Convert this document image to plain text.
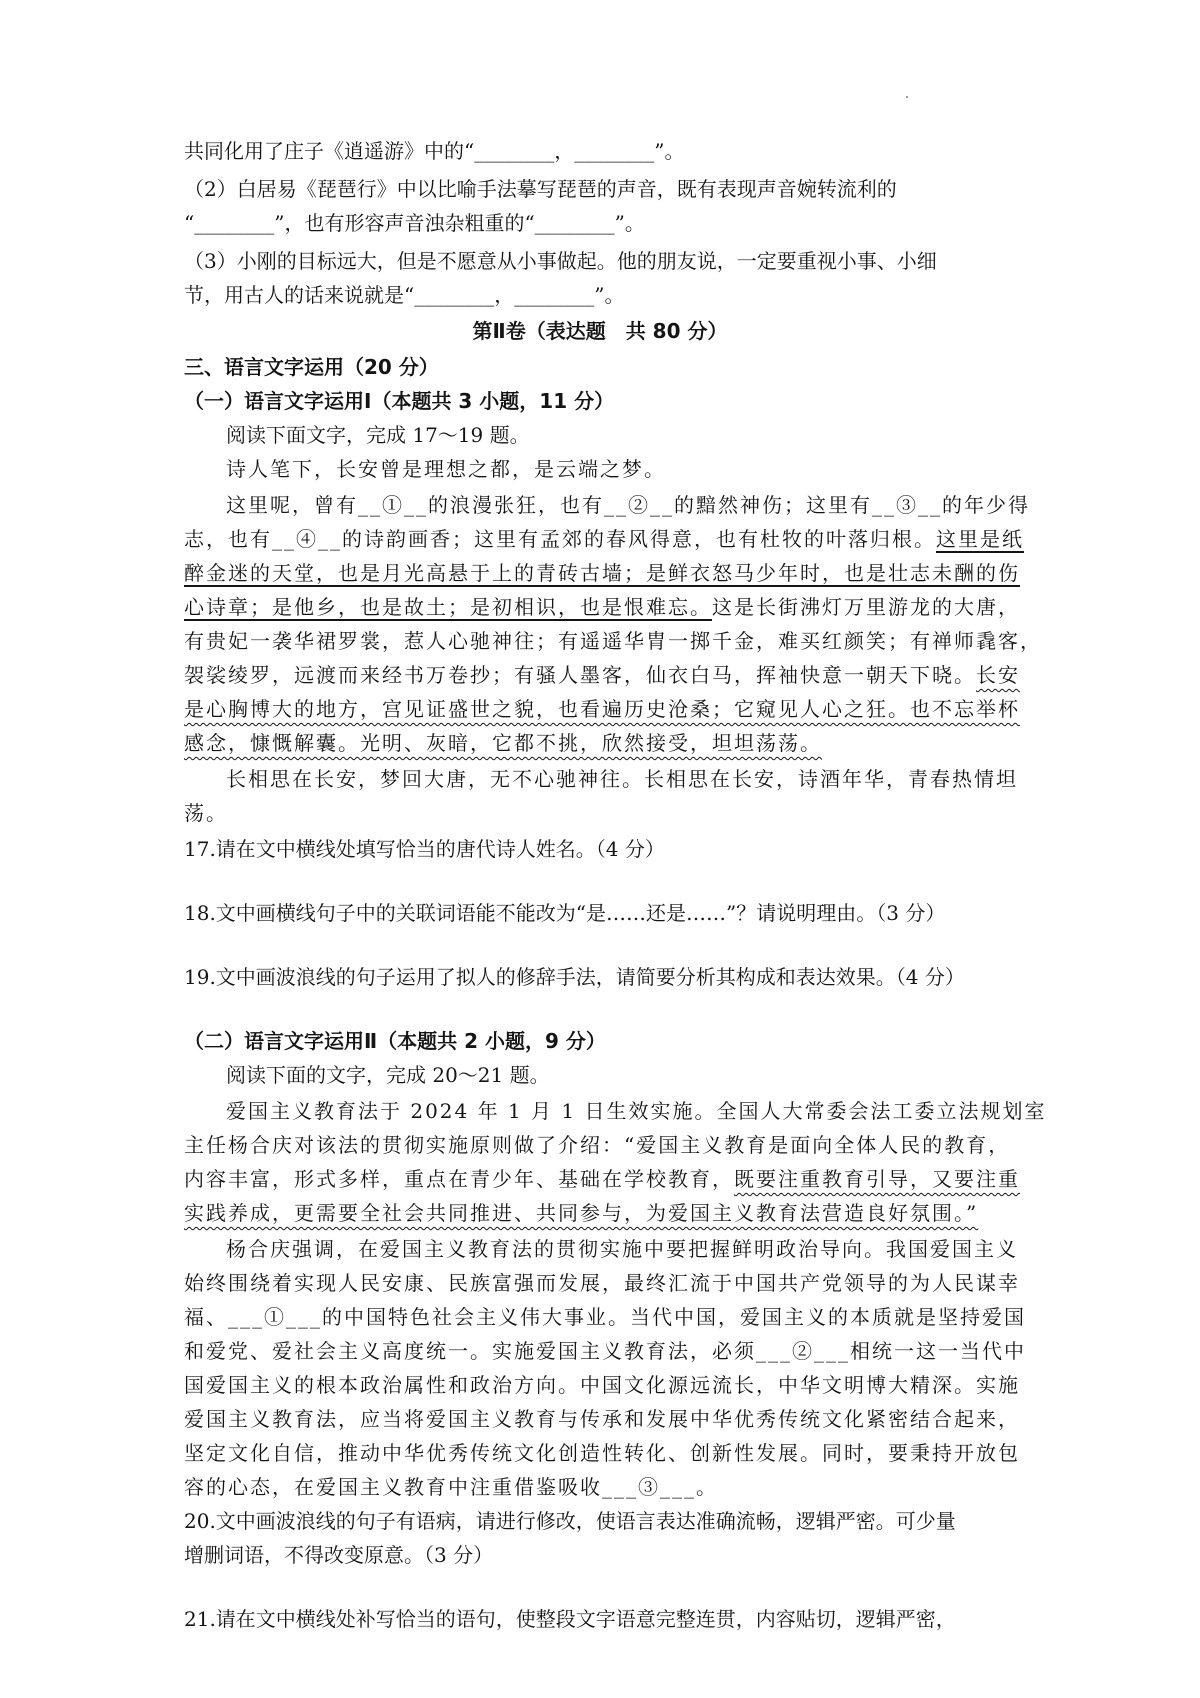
共同化用了庄子《逍遥游》中的“________，________”。
（2）白居易《琵琶行》中以比喻手法摹写琵琶的声音，既有表现声音婉转流利的
“________”，也有形容声音浊杂粗重的“________”。
（3）小刚的目标远大，但是不愿意从小事做起。他的朋友说，一定要重视小事、小细
节，用古人的话来说就是“________，________”。
第Ⅱ卷（表达题　共 80 分）
三、语言文字运用（20 分）
（一）语言文字运用Ⅰ（本题共 3 小题，11 分）
阅读下面文字，完成 17～19 题。
诗人笔下，长安曾是理想之都，是云端之梦。
这里呢，曾有__①__的浪漫张狂，也有__②__的黯然神伤；这里有__③__的年少得
志，也有__④__的诗韵画香；这里有孟郊的春风得意，也有杜牧的叶落归根。这里是纸
醉金迷的天堂，也是月光高悬于上的青砖古墙；是鲜衣怒马少年时，也是壮志未酬的伤
心诗章；是他乡，也是故土；是初相识，也是恨难忘。这是长街沸灯万里游龙的大唐，
有贵妃一袭华裙罗裳，惹人心驰神往；有遥遥华胄一掷千金，难买红颜笑；有禅师毳客，
袈裟绫罗，远渡而来经书万卷抄；有骚人墨客，仙衣白马，挥袖快意一朝天下晓。长安
是心胸博大的地方，宫见证盛世之貌，也看遍历史沧桑；它窥见人心之狂。也不忘举杯
感念，慷慨解囊。光明、灰暗，它都不挑，欣然接受，坦坦荡荡。
长相思在长安，梦回大唐，无不心驰神往。长相思在长安，诗酒年华，青春热情坦
荡。
17.请在文中横线处填写恰当的唐代诗人姓名。（4 分）
18.文中画横线句子中的关联词语能不能改为“是……还是……”？请说明理由。（3 分）
19.文中画波浪线的句子运用了拟人的修辞手法，请简要分析其构成和表达效果。（4 分）
（二）语言文字运用Ⅱ（本题共 2 小题，9 分）
阅读下面的文字，完成 20～21 题。
爱国主义教育法于 2024 年 1 月 1 日生效实施。全国人大常委会法工委立法规划室
主任杨合庆对该法的贯彻实施原则做了介绍：“爱国主义教育是面向全体人民的教育，
内容丰富，形式多样，重点在青少年、基础在学校教育，既要注重教育引导，又要注重
实践养成，更需要全社会共同推进、共同参与，为爱国主义教育法营造良好氛围。”
杨合庆强调，在爱国主义教育法的贯彻实施中要把握鲜明政治导向。我国爱国主义
始终围绕着实现人民安康、民族富强而发展，最终汇流于中国共产党领导的为人民谋幸
福、___①___的中国特色社会主义伟大事业。当代中国，爱国主义的本质就是坚持爱国
和爱党、爱社会主义高度统一。实施爱国主义教育法，必须___②___相统一这一当代中
国爱国主义的根本政治属性和政治方向。中国文化源远流长，中华文明博大精深。实施
爱国主义教育法，应当将爱国主义教育与传承和发展中华优秀传统文化紧密结合起来，
坚定文化自信，推动中华优秀传统文化创造性转化、创新性发展。同时，要秉持开放包
容的心态，在爱国主义教育中注重借鉴吸收___③___。
20.文中画波浪线的句子有语病，请进行修改，使语言表达准确流畅，逻辑严密。可少量
增删词语，不得改变原意。（3 分）
21.请在文中横线处补写恰当的语句，使整段文字语意完整连贯，内容贴切，逻辑严密，
